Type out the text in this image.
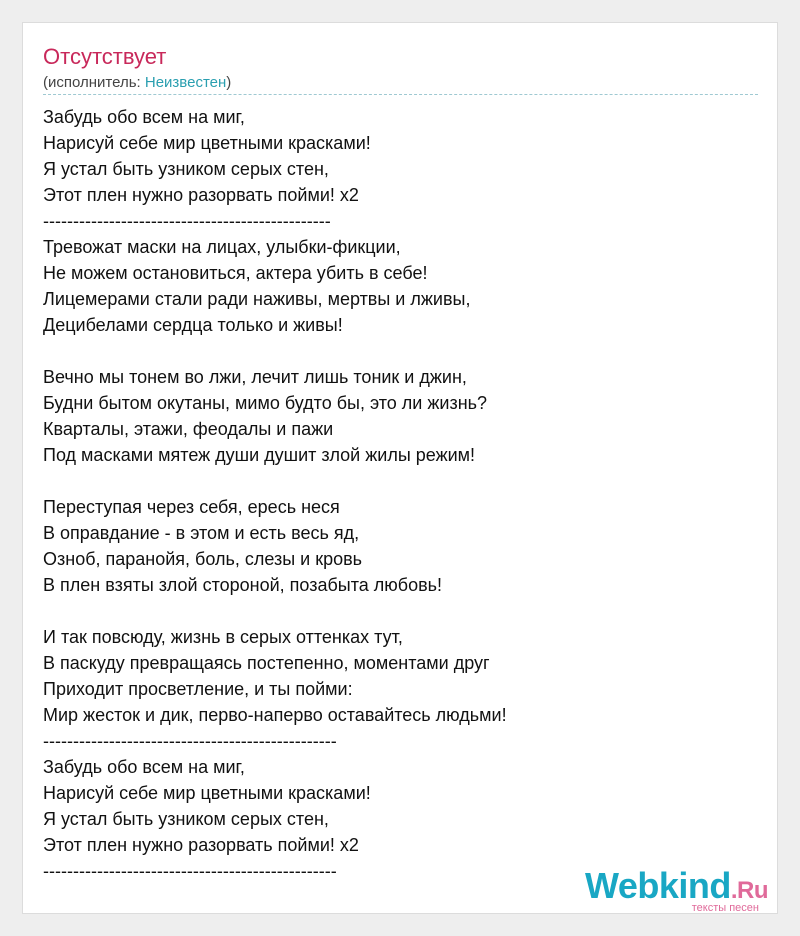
Отсутствует
(исполнитель: Неизвестен)
Забудь обо всем на миг,
Нарисуй себе мир цветными красками!
Я устал быть узником серых стен,
Этот плен нужно разорвать пойми! х2
------------------------------------------------
Тревожат маски на лицах, улыбки-фикции,
Не можем остановиться, актера убить в себе!
Лицемерами стали ради наживы, мертвы и лживы,
Децибелами сердца только и живы!
Вечно мы тонем во лжи, лечит лишь тоник и джин,
Будни бытом окутаны, мимо будто бы, это ли жизнь?
Кварталы, этажи, феодалы и пажи
Под масками мятеж души душит злой жилы режим!
Переступая через себя, ересь неся
В оправдание - в этом и есть весь яд,
Озноб, паранойя, боль, слезы и кровь
В плен взяты злой стороной, позабыта любовь!
И так повсюду, жизнь в серых оттенках тут,
В паскуду превращаясь постепенно, моментами друг
Приходит просветление, и ты пойми:
Мир жесток и дик, перво-наперво оставайтесь людьми!
-------------------------------------------------
Забудь обо всем на миг,
Нарисуй себе мир цветными красками!
Я устал быть узником серых стен,
Этот плен нужно разорвать пойми! х2
-------------------------------------------------	Webkind.Ru
тексты песен
